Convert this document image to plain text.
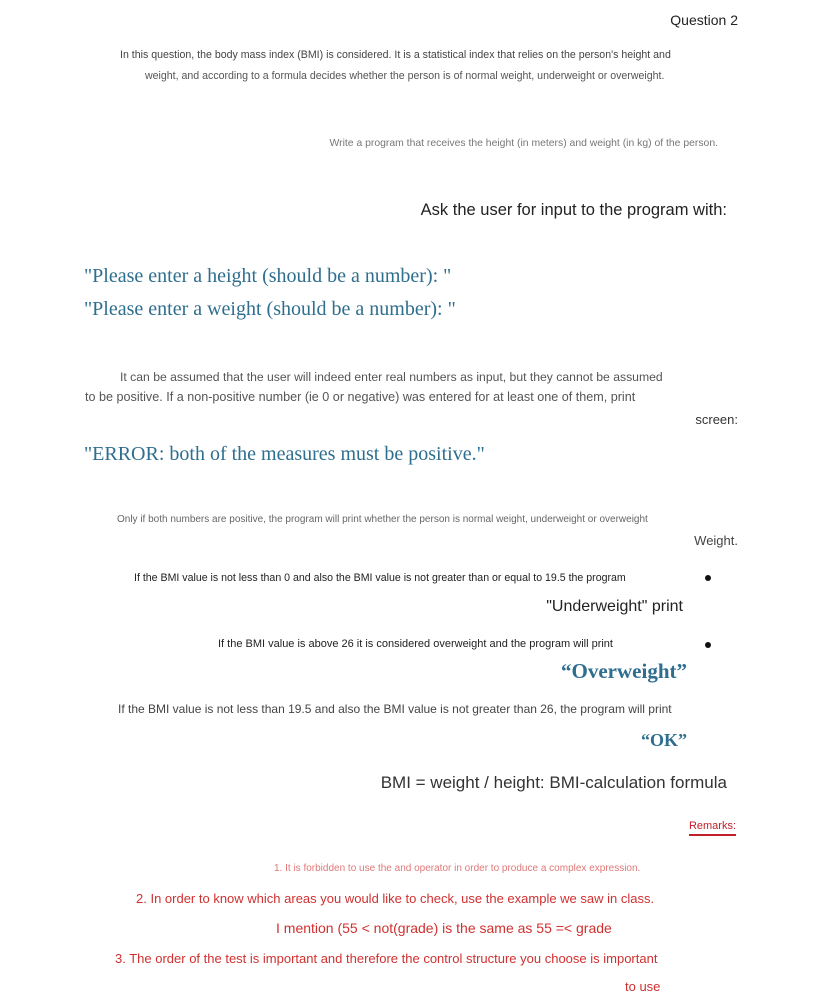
Question 2
In this question, the body mass index (BMI) is considered. It is a statistical index that relies on the person's height and
weight, and according to a formula decides whether the person is of normal weight, underweight or overweight.
Write a program that receives the height (in meters) and weight (in kg) of the person.
Ask the user for input to the program with:
"Please enter a height (should be a number): "
"Please enter a weight (should be a number): "
It can be assumed that the user will indeed enter real numbers as input, but they cannot be assumed
to be positive. If a non-positive number (ie 0 or negative) was entered for at least one of them, print
screen:
"ERROR: both of the measures must be positive."
Only if both numbers are positive, the program will print whether the person is normal weight, underweight or overweight
Weight.
If the BMI value is not less than 0 and also the BMI value is not greater than or equal to 19.5 the program
"Underweight" print
If the BMI value is above 26 it is considered overweight and the program will print
“Overweight”
If the BMI value is not less than 19.5 and also the BMI value is not greater than 26, the program will print
“OK”
BMI = weight / height: BMI-calculation formula
Remarks:
1. It is forbidden to use the and operator in order to produce a complex expression.
2. In order to know which areas you would like to check, use the example we saw in class.
I mention (55 < not(grade) is the same as 55 =< grade
3. The order of the test is important and therefore the control structure you choose is important
to use
